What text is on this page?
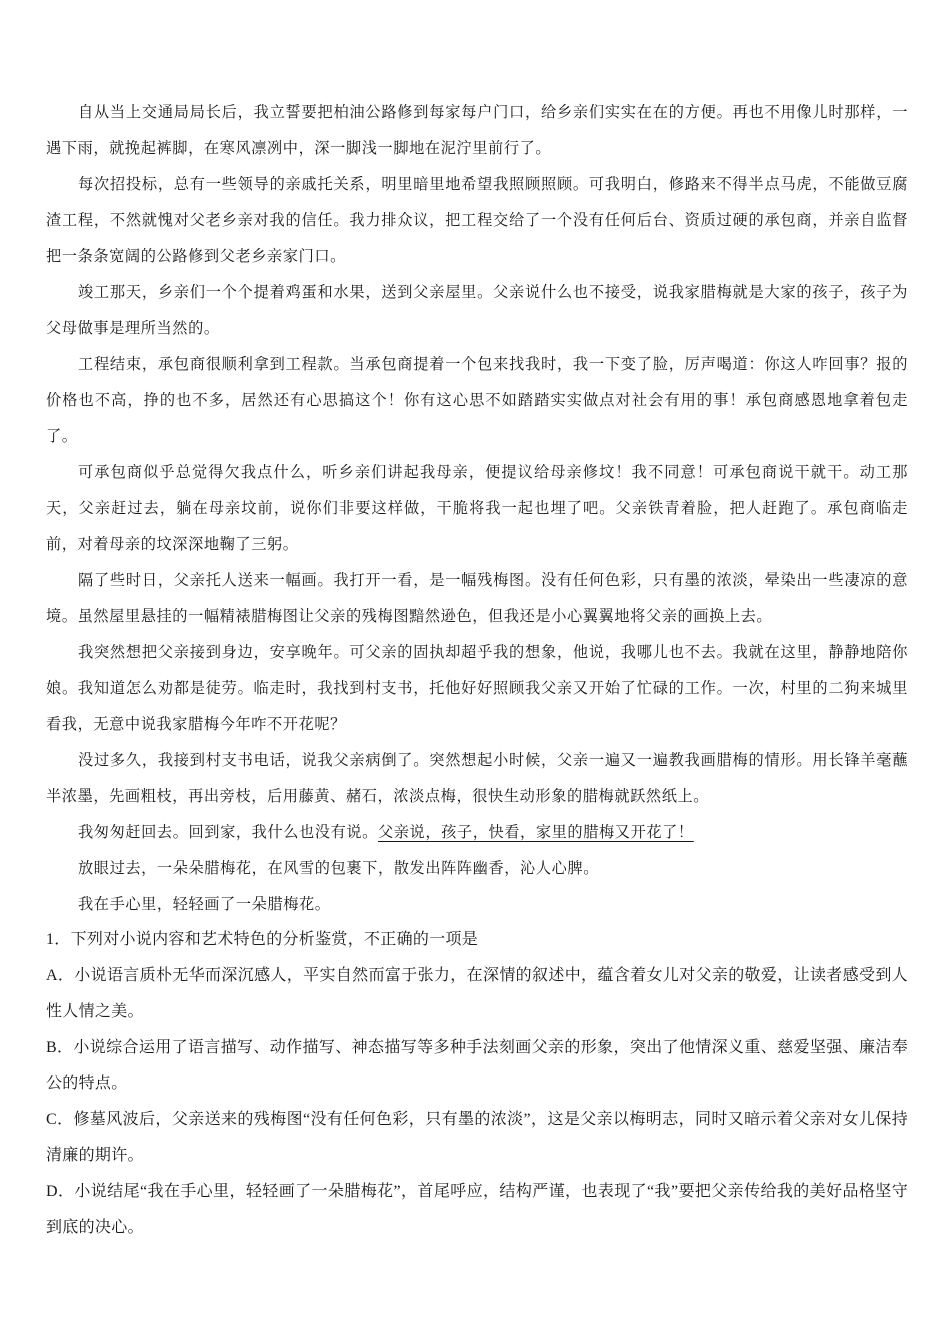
自从当上交通局局长后，我立誓要把柏油公路修到每家每户门口，给乡亲们实实在在的方便。再也不用像儿时那样，一遇下雨，就挽起裤脚，在寒风凛冽中，深一脚浅一脚地在泥泞里前行了。

每次招投标，总有一些领导的亲戚托关系，明里暗里地希望我照顾照顾。可我明白，修路来不得半点马虎，不能做豆腐渣工程，不然就愧对父老乡亲对我的信任。我力排众议，把工程交给了一个没有任何后台、资质过硬的承包商，并亲自监督把一条条宽阔的公路修到父老乡亲家门口。

竣工那天，乡亲们一个个提着鸡蛋和水果，送到父亲屋里。父亲说什么也不接受，说我家腊梅就是大家的孩子，孩子为父母做事是理所当然的。

工程结束，承包商很顺利拿到工程款。当承包商提着一个包来找我时，我一下变了脸，厉声喝道：你这人咋回事？报的价格也不高，挣的也不多，居然还有心思搞这个！你有这心思不如踏踏实实做点对社会有用的事！承包商感恩地拿着包走了。

可承包商似乎总觉得欠我点什么，听乡亲们讲起我母亲，便提议给母亲修坟！我不同意！可承包商说干就干。动工那天，父亲赶过去，躺在母亲坟前，说你们非要这样做，干脆将我一起也埋了吧。父亲铁青着脸，把人赶跑了。承包商临走前，对着母亲的坟深深地鞠了三躬。

隔了些时日，父亲托人送来一幅画。我打开一看，是一幅残梅图。没有任何色彩，只有墨的浓淡，晕染出一些凄凉的意境。虽然屋里悬挂的一幅精裱腊梅图让父亲的残梅图黯然逊色，但我还是小心翼翼地将父亲的画换上去。

我突然想把父亲接到身边，安享晚年。可父亲的固执却超乎我的想象，他说，我哪儿也不去。我就在这里，静静地陪你娘。我知道怎么劝都是徒劳。临走时，我找到村支书，托他好好照顾我父亲又开始了忙碌的工作。一次，村里的二狗来城里看我，无意中说我家腊梅今年咋不开花呢？

没过多久，我接到村支书电话，说我父亲病倒了。突然想起小时候，父亲一遍又一遍教我画腊梅的情形。用长锋羊毫蘸半浓墨，先画粗枝，再出旁枝，后用藤黄、赭石，浓淡点梅，很快生动形象的腊梅就跃然纸上。

我匆匆赶回去。回到家，我什么也没有说。父亲说，孩子，快看，家里的腊梅又开花了！

放眼过去，一朵朵腊梅花，在风雪的包裹下，散发出阵阵幽香，沁人心脾。

我在手心里，轻轻画了一朵腊梅花。

1．下列对小说内容和艺术特色的分析鉴赏，不正确的一项是

A．小说语言质朴无华而深沉感人，平实自然而富于张力，在深情的叙述中，蕴含着女儿对父亲的敬爱，让读者感受到人性人情之美。

B．小说综合运用了语言描写、动作描写、神态描写等多种手法刻画父亲的形象，突出了他情深义重、慈爱坚强、廉洁奉公的特点。

C．修墓风波后，父亲送来的残梅图“没有任何色彩，只有墨的浓淡”，这是父亲以梅明志，同时又暗示着父亲对女儿保持清廉的期许。

D．小说结尾“我在手心里，轻轻画了一朵腊梅花”，首尾呼应，结构严谨，也表现了“我”要把父亲传给我的美好品格坚守到底的决心。
